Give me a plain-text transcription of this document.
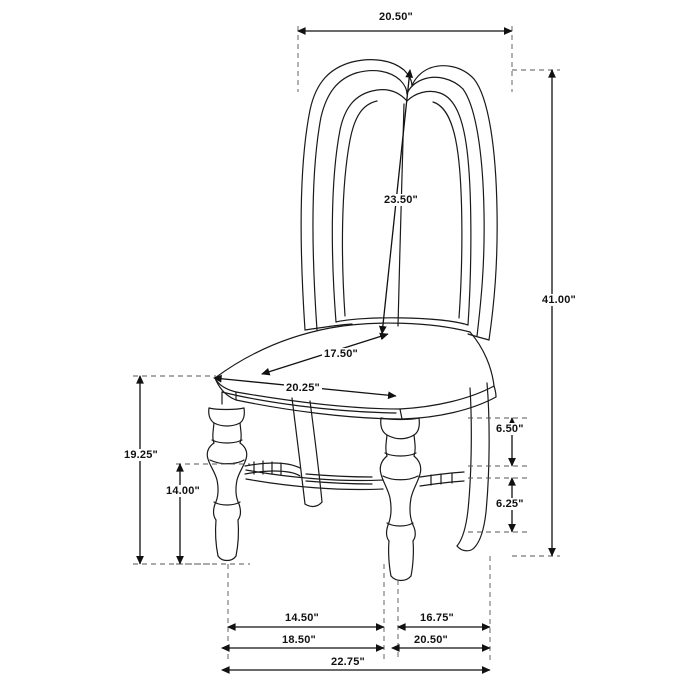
20.50"
23.50"
41.00"
17.50"
20.25"
19.25"
14.00"
6.50"
6.25"
14.50"	16.75"
18.50"	20.50"
22.75"
